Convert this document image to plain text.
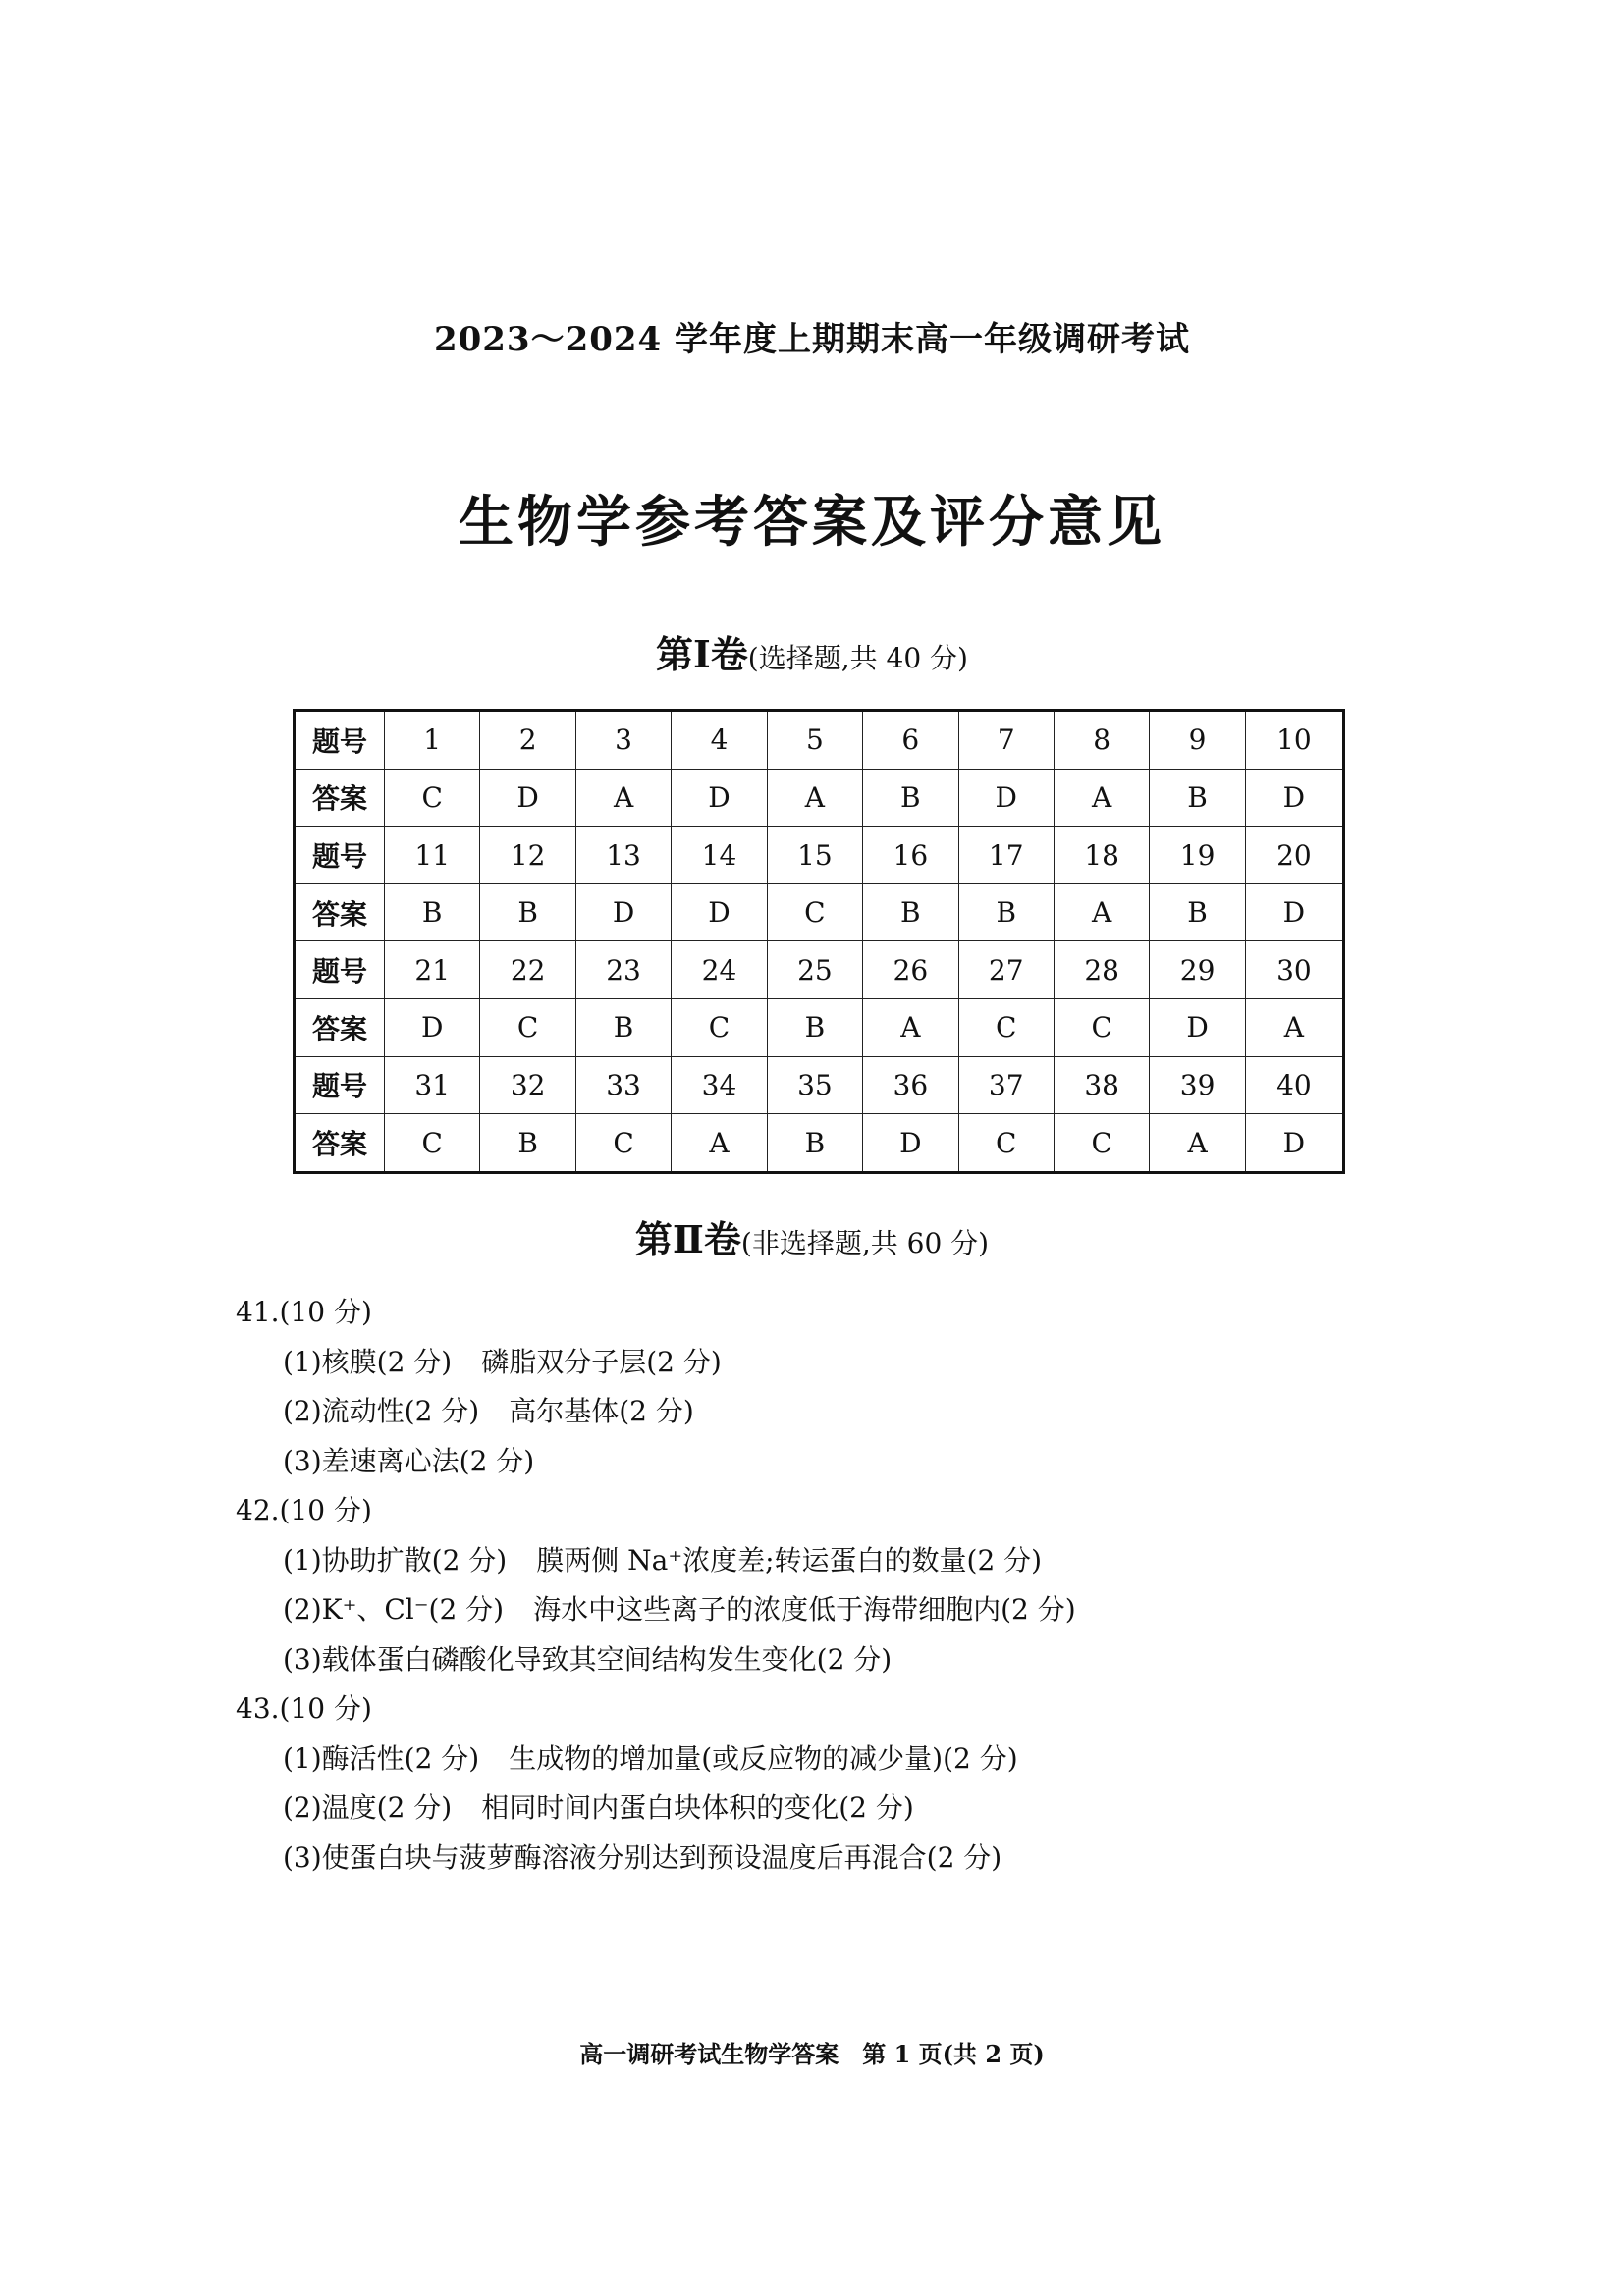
2023～2024 学年度上期期末高一年级调研考试
生物学参考答案及评分意见
第Ⅰ卷(选择题,共 40 分)
题号	1	2	3	4	5	6	7	8	9	10
答案	C	D	A	D	A	B	D	A	B	D
题号	11	12	13	14	15	16	17	18	19	20
答案	B	B	D	D	C	B	B	A	B	D
题号	21	22	23	24	25	26	27	28	29	30
答案	D	C	B	C	B	A	C	C	D	A
题号	31	32	33	34	35	36	37	38	39	40
答案	C	B	C	A	B	D	C	C	A	D
第Ⅱ卷(非选择题,共 60 分)

41.(10 分)

(1)核膜(2 分) 磷脂双分子层(2 分)

(2)流动性(2 分) 高尔基体(2 分)

(3)差速离心法(2 分)

42.(10 分)

(1)协助扩散(2 分) 膜两侧 Na⁺浓度差;转运蛋白的数量(2 分)

(2)K⁺、Cl⁻(2 分) 海水中这些离子的浓度低于海带细胞内(2 分)

(3)载体蛋白磷酸化导致其空间结构发生变化(2 分)

43.(10 分)

(1)酶活性(2 分) 生成物的增加量(或反应物的减少量)(2 分)

(2)温度(2 分) 相同时间内蛋白块体积的变化(2 分)

(3)使蛋白块与菠萝酶溶液分别达到预设温度后再混合(2 分)

高一调研考试生物学答案　第 1 页(共 2 页)
